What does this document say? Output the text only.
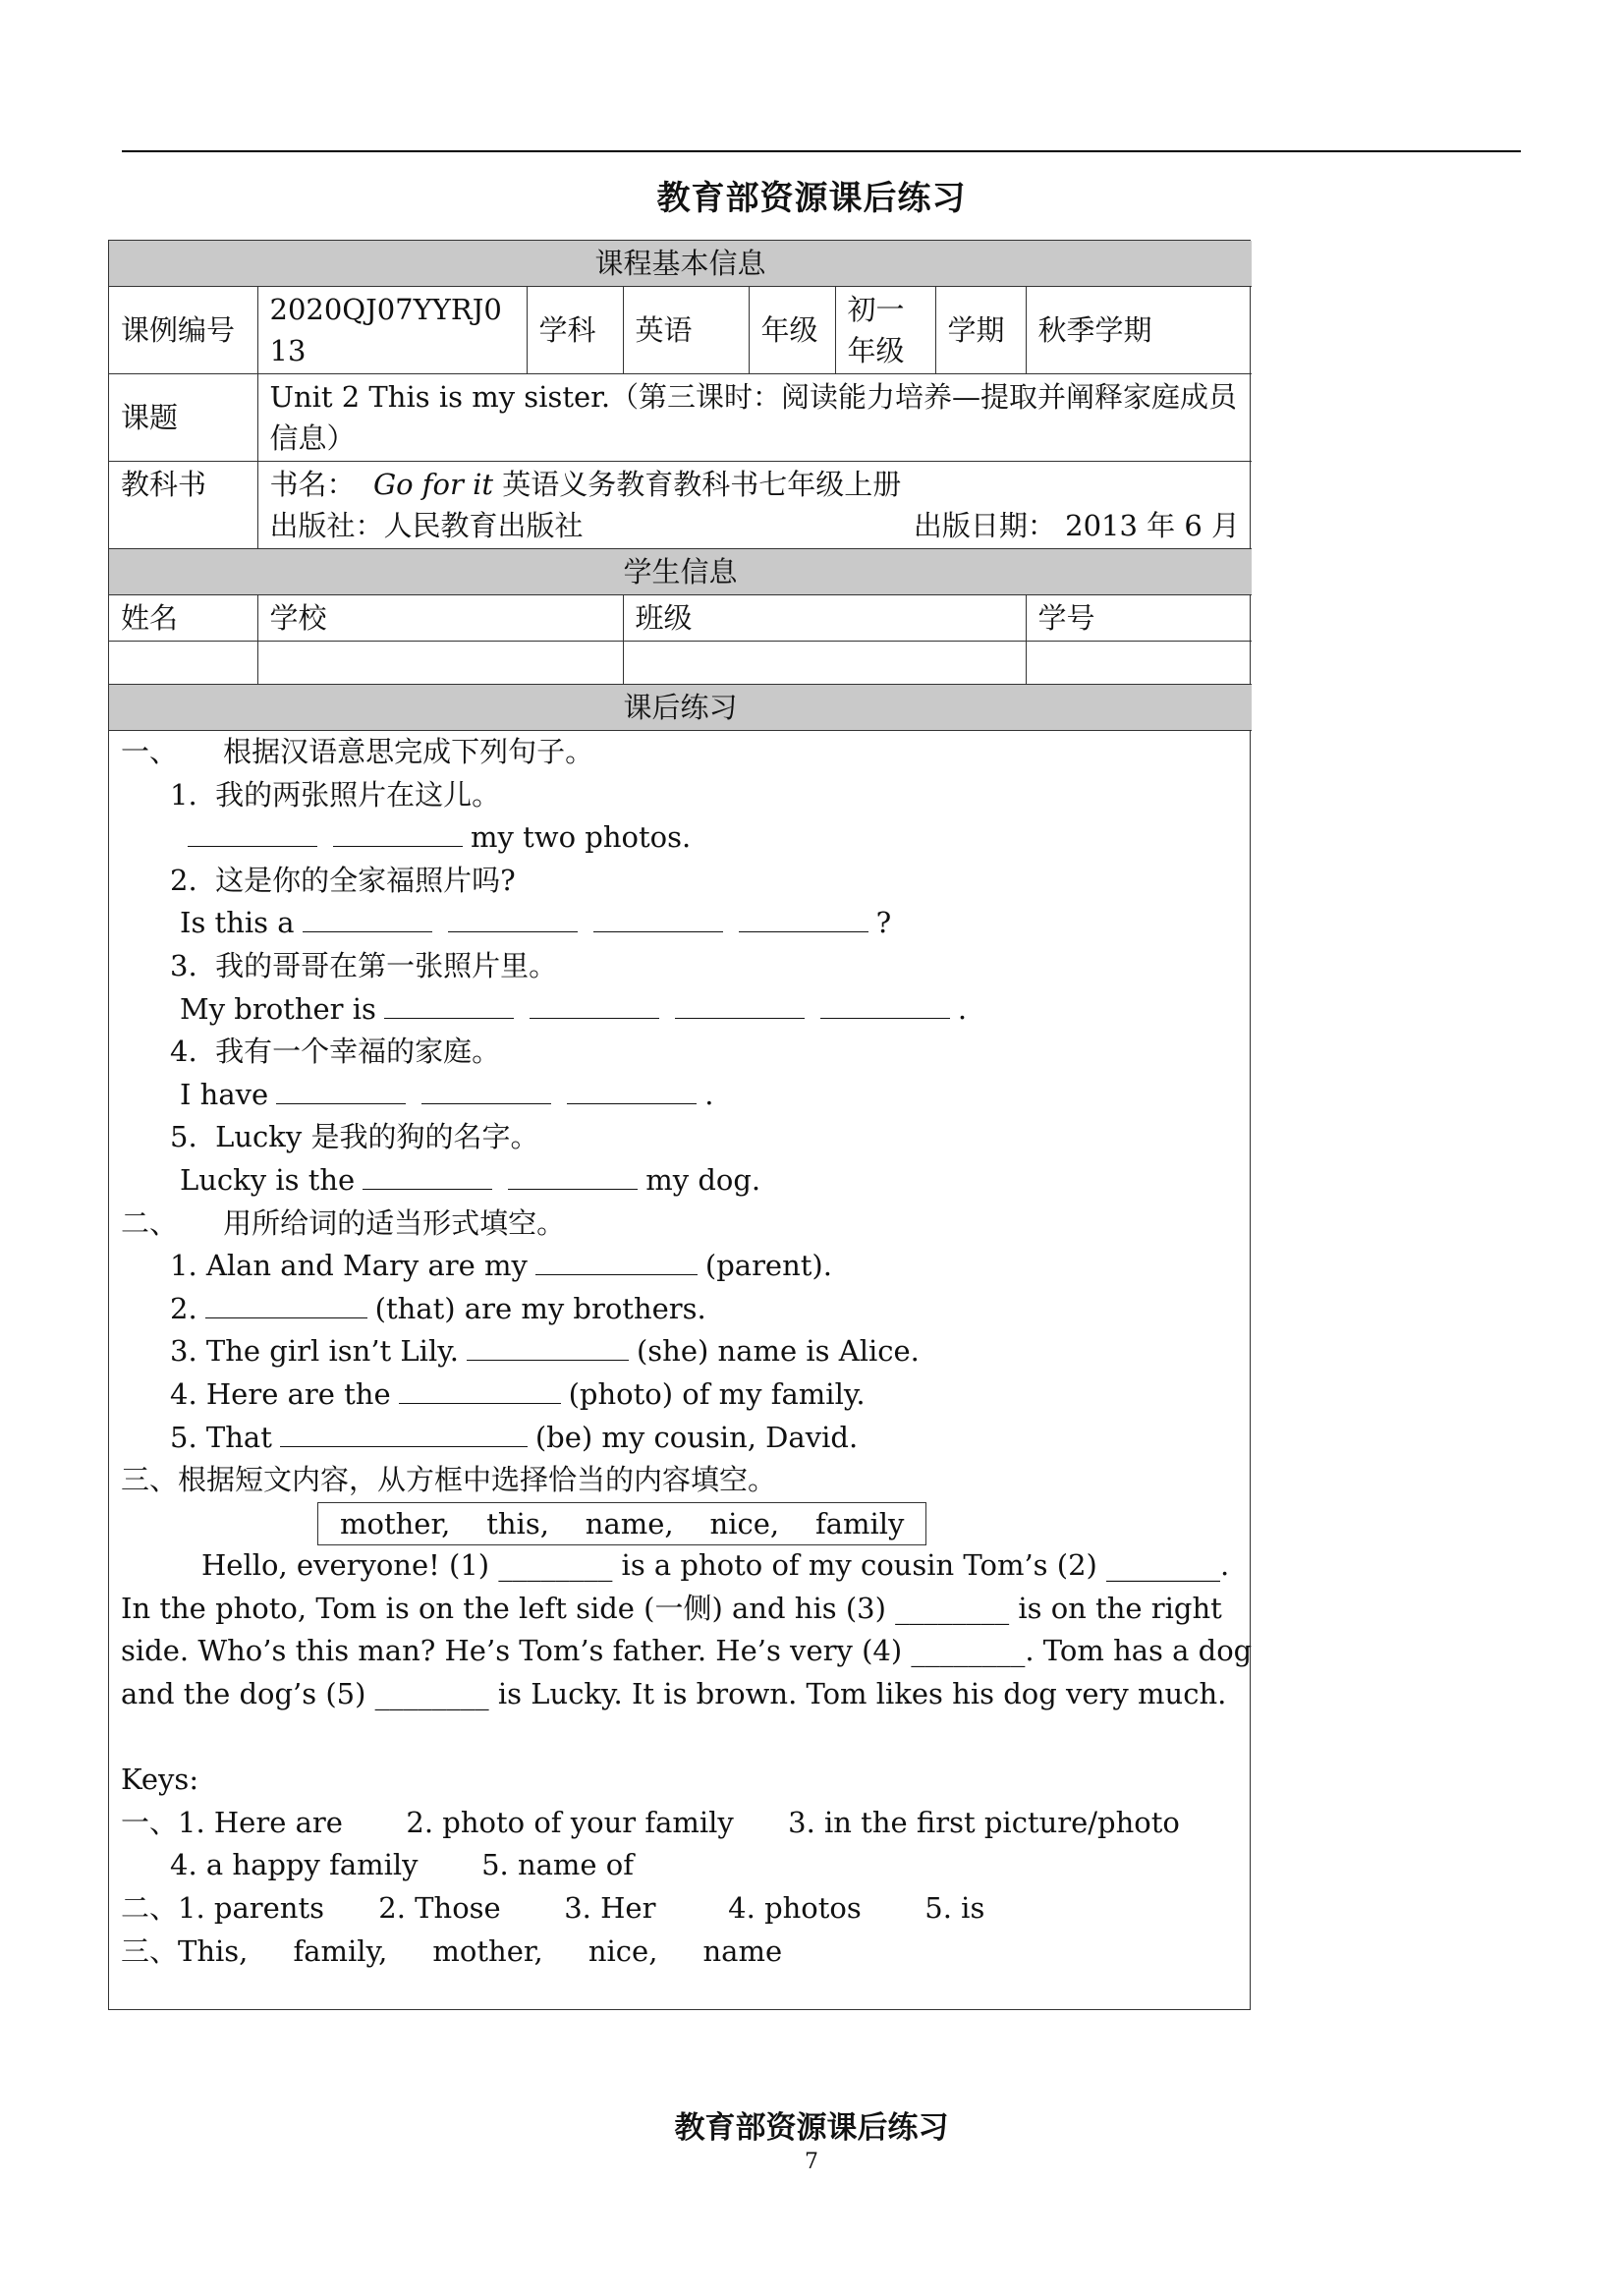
教育部资源课后练习
课程基本信息							
课例编号	2020QJ07YYRJ013	学科	英语	年级	初一年级	学期	秋季学期
课题	Unit 2 This is my sister.（第三课时：阅读能力培养—提取并阐释家庭成员信息）						
教科书	书名： Go for it 英语义务教育教科书七年级上册
出版社：人民教育出版社 出版日期： 2013 年 6 月						

学生信息							
姓名	学校		班级				学号

课后练习							
一、     根据汉语意思完成下列句子。
1.  我的两张照片在这儿。
my two photos.
2.  这是你的全家福照片吗?
Is this a	?
3.  我的哥哥在第一张照片里。
My brother is	.
4.  我有一个幸福的家庭。
I have	.
5.  Lucky 是我的狗的名字。
Lucky is the	my dog.
二、     用所给词的适当形式填空。
1. Alan and Mary are my	(parent).
2.	(that) are my brothers.
3. The girl isn’t Lily.	(she) name is Alice.
4. Here are the	(photo) of my family.
5. That	(be) my cousin, David.
三、根据短文内容，从方框中选择恰当的内容填空。
mother,    this,    name,    nice,    family
Hello, everyone! (1) ________ is a photo of my cousin Tom’s (2) ________.
In the photo, Tom is on the left side (一侧) and his (3) ________ is on the right
side. Who’s this man? He’s Tom’s father. He’s very (4) ________. Tom has a dog
and the dog’s (5) ________ is Lucky. It is brown. Tom likes his dog very much.
Keys:
一、1. Here are       2. photo of your family      3. in the first picture/photo
4. a happy family       5. name of
二、1. parents      2. Those       3. Her        4. photos       5. is
三、This,     family,     mother,     nice,     name
教育部资源课后练习
7
